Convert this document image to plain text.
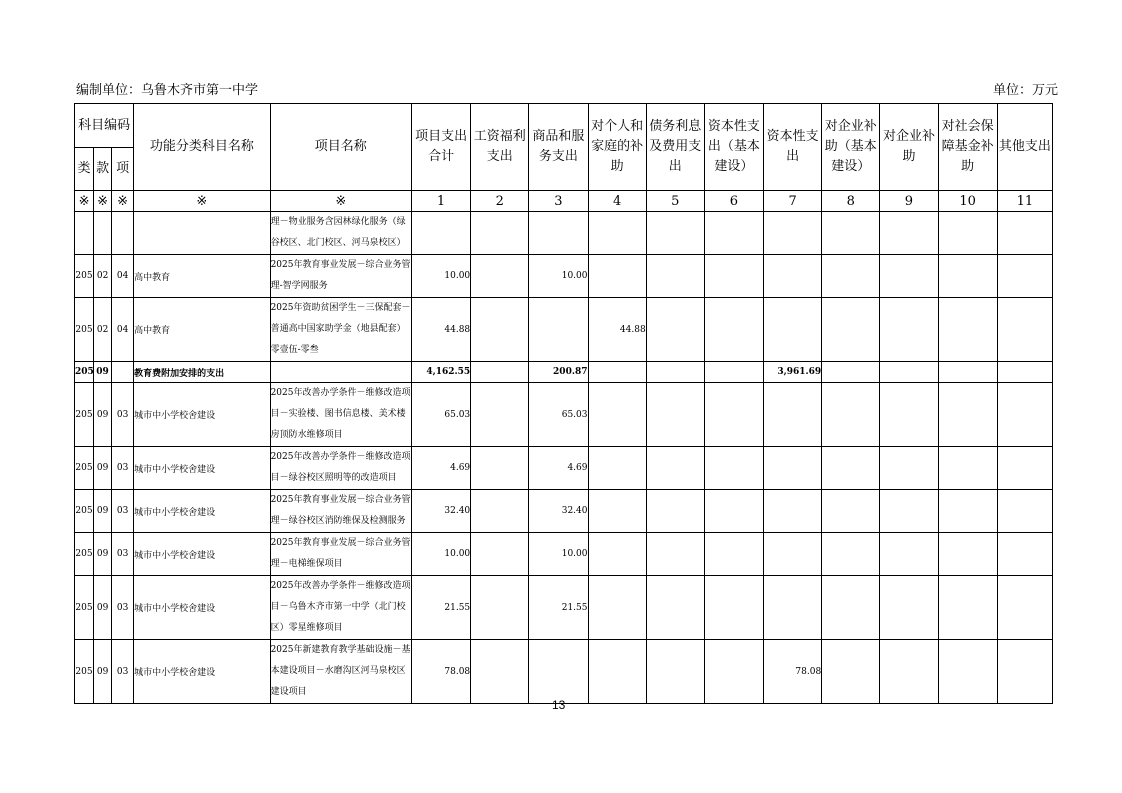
编制单位：乌鲁木齐市第一中学	单位：万元
科目编码			功能分类科目名称	项目名称	项目支出合计	工资福利支出	商品和服务支出	对个人和家庭的补助	债务利息及费用支出	资本性支出（基本建设）	资本性支出	对企业补助（基本建设）	对企业补助	对社会保障基金补助	其他支出
类	款	项													
※	※	※	※	※	1	2	3	4	5	6	7	8	9	10	11
				理－物业服务含园林绿化服务（绿谷校区、北门校区、河马泉校区）											
205	02	04	高中教育	2025年教育事业发展－综合业务管理-智学网服务	10.00		10.00								
205	02	04	高中教育	2025年资助贫困学生－三保配套－普通高中国家助学金（地县配套）零壹伍-零叁	44.88			44.88							
205	09		教育费附加安排的支出		4,162.55		200.87				3,961.69				
205	09	03	城市中小学校舍建设	2025年改善办学条件－维修改造项目－实验楼、图书信息楼、美术楼房顶防水维修项目	65.03		65.03								
205	09	03	城市中小学校舍建设	2025年改善办学条件－维修改造项目－绿谷校区照明等的改造项目	4.69		4.69								
205	09	03	城市中小学校舍建设	2025年教育事业发展－综合业务管理－绿谷校区消防维保及检测服务	32.40		32.40								
205	09	03	城市中小学校舍建设	2025年教育事业发展－综合业务管理－电梯维保项目	10.00		10.00								
205	09	03	城市中小学校舍建设	2025年改善办学条件－维修改造项目－乌鲁木齐市第一中学（北门校区）零星维修项目	21.55		21.55								
205	09	03	城市中小学校舍建设	2025年新建教育教学基础设施－基本建设项目－水磨沟区河马泉校区建设项目	78.08						78.08				
13
